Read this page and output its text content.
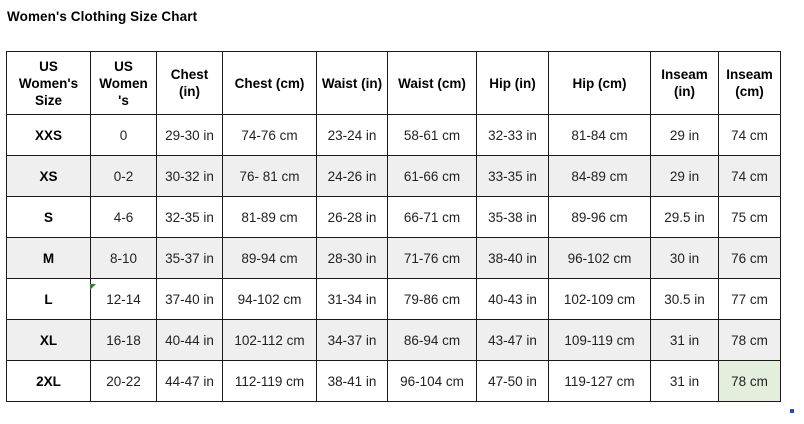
Women's Clothing Size Chart
US Women's Size	US Women 's	Chest (in)	Chest (cm)	Waist (in)	Waist (cm)	Hip (in)	Hip (cm)	Inseam (in)	Inseam (cm)
XXS	0	29-30 in	74-76 cm	23-24 in	58-61 cm	32-33 in	81-84 cm	29 in	74 cm
XS	0-2	30-32 in	76- 81 cm	24-26 in	61-66 cm	33-35 in	84-89 cm	29 in	74 cm
S	4-6	32-35 in	81-89 cm	26-28 in	66-71 cm	35-38 in	89-96 cm	29.5 in	75 cm
M	8-10	35-37 in	89-94 cm	28-30 in	71-76 cm	38-40 in	96-102 cm	30 in	76 cm
L	12-14	37-40 in	94-102 cm	31-34 in	79-86 cm	40-43 in	102-109 cm	30.5 in	77 cm
XL	16-18	40-44 in	102-112 cm	34-37 in	86-94 cm	43-47 in	109-119 cm	31 in	78 cm
2XL	20-22	44-47 in	112-119 cm	38-41 in	96-104 cm	47-50 in	119-127 cm	31 in	78 cm
